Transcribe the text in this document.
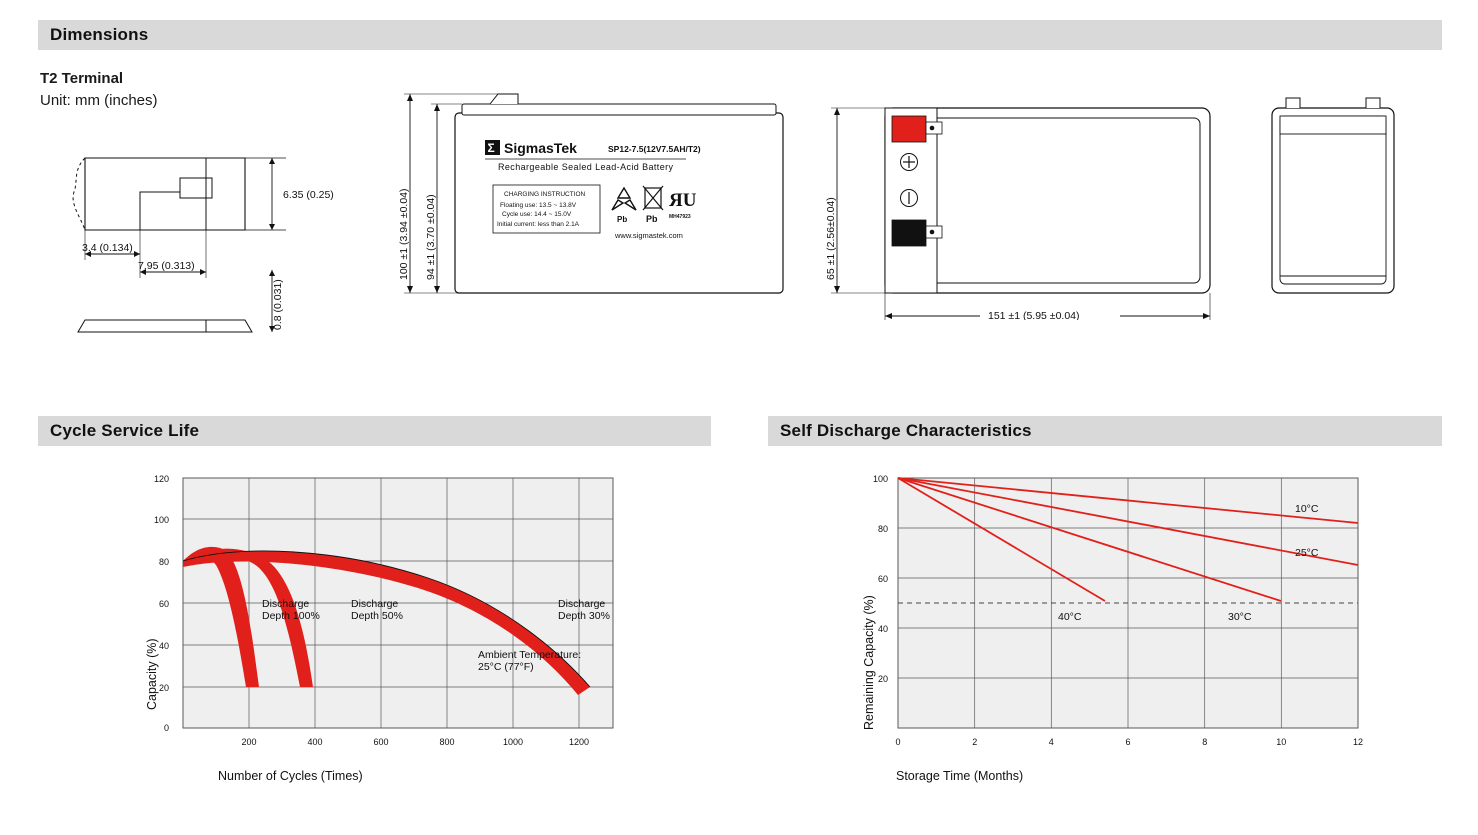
Dimensions
T2 Terminal
Unit: mm (inches)
6.35 (0.25)
0.8 (0.031)
3.4 (0.134)
7.95 (0.313)
Σ SigmasTek	SP12-7.5(12V7.5AH/T2)
Rechargeable Sealed Lead-Acid Battery
CHARGING INSTRUCTION
Floating use: 13.5 ~ 13.8V
Cycle use: 14.4 ~ 15.0V
Initial current: less than 2.1A
Pb Pb
ЯU
MH47923
www.sigmastek.com
100 ±1 (3.94 ±0.04) 94 ±1 (3.70 ±0.04)	65 ±1 (2.56±0.04)
151 ±1 (5.95 ±0.04)
Cycle Service Life
Discharge
Depth 100%
Discharge
Depth 50%
Discharge
Depth 30%
Ambient Temperature:
25°C (77°F)
120
100
80
60
40
20
0
200	400	600	800	1000	1200
Capacity (%)
Number of Cycles (Times)
Self Discharge Characteristics
10°C
25°C
30°C
40°C
100
80
60
40
20
0	2	4	6	8	10	12
Remaining Capacity (%)
Storage Time (Months)
